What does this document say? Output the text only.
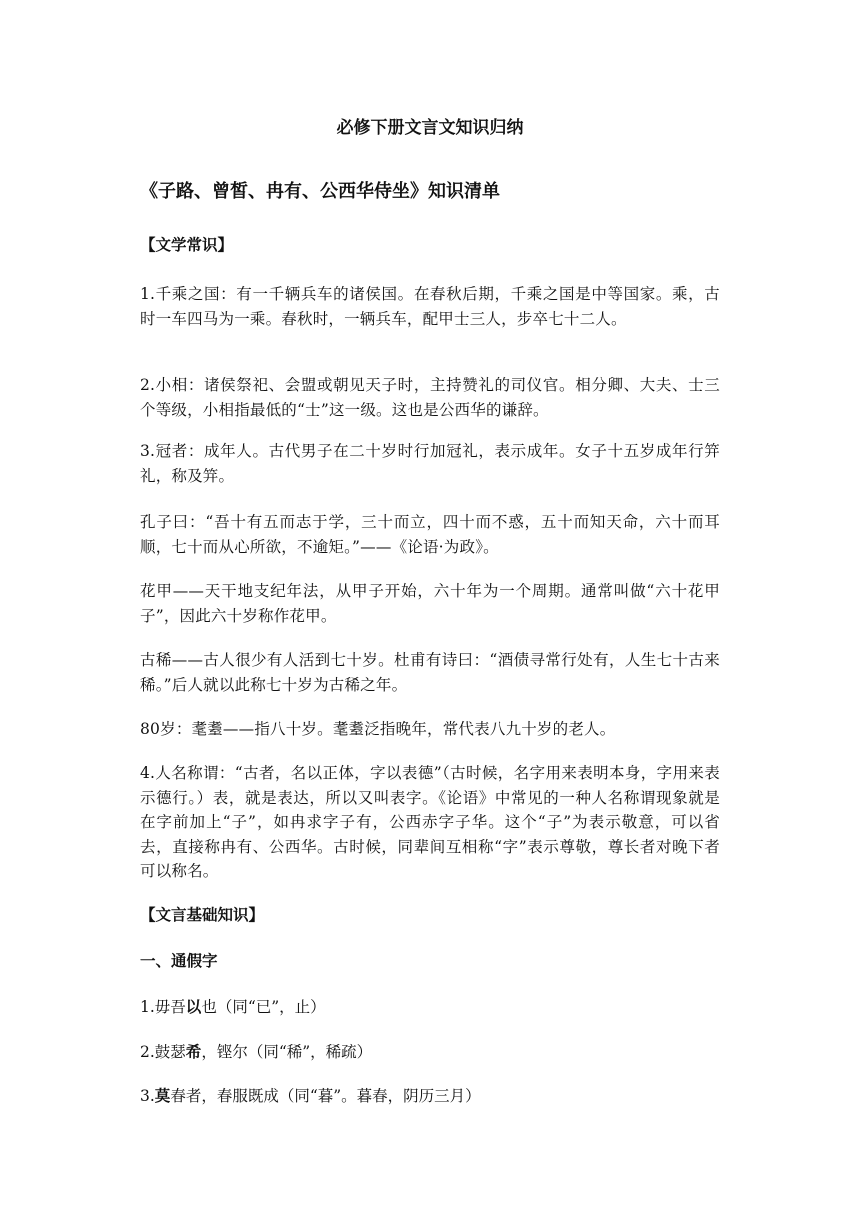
必修下册文言文知识归纳
《子路、曾皙、冉有、公西华侍坐》知识清单
【文学常识】
1.千乘之国：有一千辆兵车的诸侯国。在春秋后期，千乘之国是中等国家。乘，古时一车四马为一乘。春秋时，一辆兵车，配甲士三人，步卒七十二人。
2.小相：诸侯祭祀、会盟或朝见天子时，主持赞礼的司仪官。相分卿、大夫、士三个等级，小相指最低的“士”这一级。这也是公西华的谦辞。
3.冠者：成年人。古代男子在二十岁时行加冠礼，表示成年。女子十五岁成年行笄礼，称及笄。
孔子曰：“吾十有五而志于学，三十而立，四十而不惑，五十而知天命，六十而耳顺，七十而从心所欲，不逾矩。”——《论语·为政》。
花甲——天干地支纪年法，从甲子开始，六十年为一个周期。通常叫做“六十花甲子”，因此六十岁称作花甲。
古稀——古人很少有人活到七十岁。杜甫有诗曰：“酒债寻常行处有，人生七十古来稀。”后人就以此称七十岁为古稀之年。
80岁：耄耋——指八十岁。耄耋泛指晚年，常代表八九十岁的老人。
4.人名称谓：“古者，名以正体，字以表德”（古时候，名字用来表明本身，字用来表示德行。）表，就是表达，所以又叫表字。《论语》中常见的一种人名称谓现象就是在字前加上“子”，如冉求字子有，公西赤字子华。这个“子”为表示敬意，可以省去，直接称冉有、公西华。古时候，同辈间互相称“字”表示尊敬，尊长者对晚下者可以称名。
【文言基础知识】
一、通假字
1.毋吾以也（同“已”，止）
2.鼓瑟希，铿尔（同“稀”，稀疏）
3.莫春者，春服既成（同“暮”。暮春，阴历三月）
